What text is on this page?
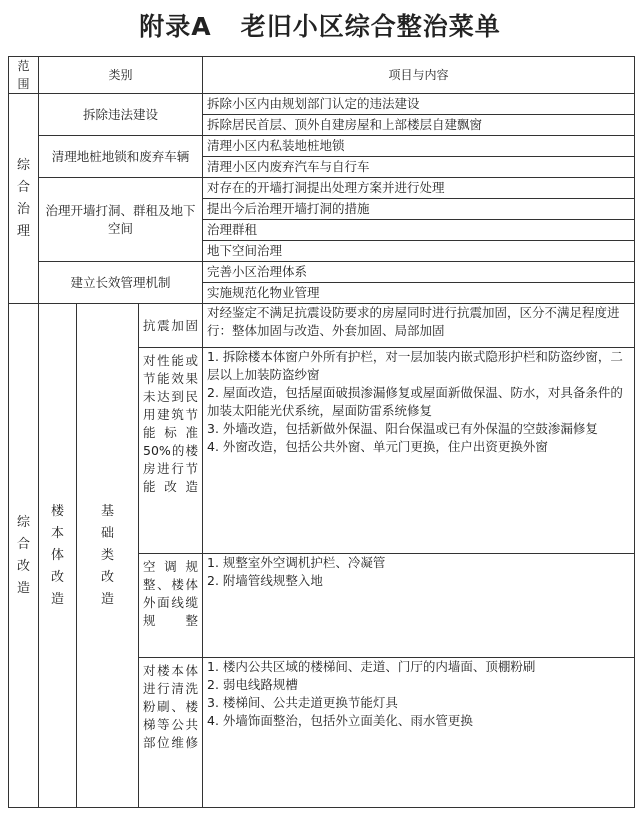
附录A   老旧小区综合整治菜单
范围	类别			项目与内容

综
合
治
理	拆除违法建设			拆除小区内由规划部门认定的违法建设
				拆除居民首层、顶外自建房屋和上部楼层自建飘窗
	清理地桩地锁和废弃车辆			清理小区内私装地桩地锁
				清理小区内废弃汽车与自行车
	治理开墙打洞、群租及地下空间			对存在的开墙打洞提出处理方案并进行处理
				提出今后治理开墙打洞的措施
				治理群租
				地下空间治理
	建立长效管理机制			完善小区治理体系
				实施规范化物业管理

综
合
改
造	楼
本
体
改
造	基
础
类
改
造	抗震加固	对经鉴定不满足抗震设防要求的房屋同时进行抗震加固，区分不满足程度进行：整体加固与改造、外套加固、局部加固

			对性能或节能效果未达到民用建筑节能标准50%的楼房进行节能改造	1. 拆除楼本体窗户外所有护栏，对一层加装内嵌式隐形护栏和防盗纱窗，二层以上加装防盗纱窗

2. 屋面改造，包括屋面破损渗漏修复或屋面新做保温、防水，对具备条件的加装太阳能光伏系统，屋面防雷系统修复

3. 外墙改造，包括新做外保温、阳台保温或已有外保温的空鼓渗漏修复

4. 外窗改造，包括公共外窗、单元门更换，住户出资更换外窗

			空调规整、楼体外面线缆规整	1. 规整室外空调机护栏、冷凝管

2. 附墙管线规整入地

			对楼本体进行清洗粉刷、楼梯等公共部位维修	1. 楼内公共区域的楼梯间、走道、门厅的内墙面、顶棚粉刷

2. 弱电线路规槽

3. 楼梯间、公共走道更换节能灯具

4. 外墙饰面整治，包括外立面美化、雨水管更换
